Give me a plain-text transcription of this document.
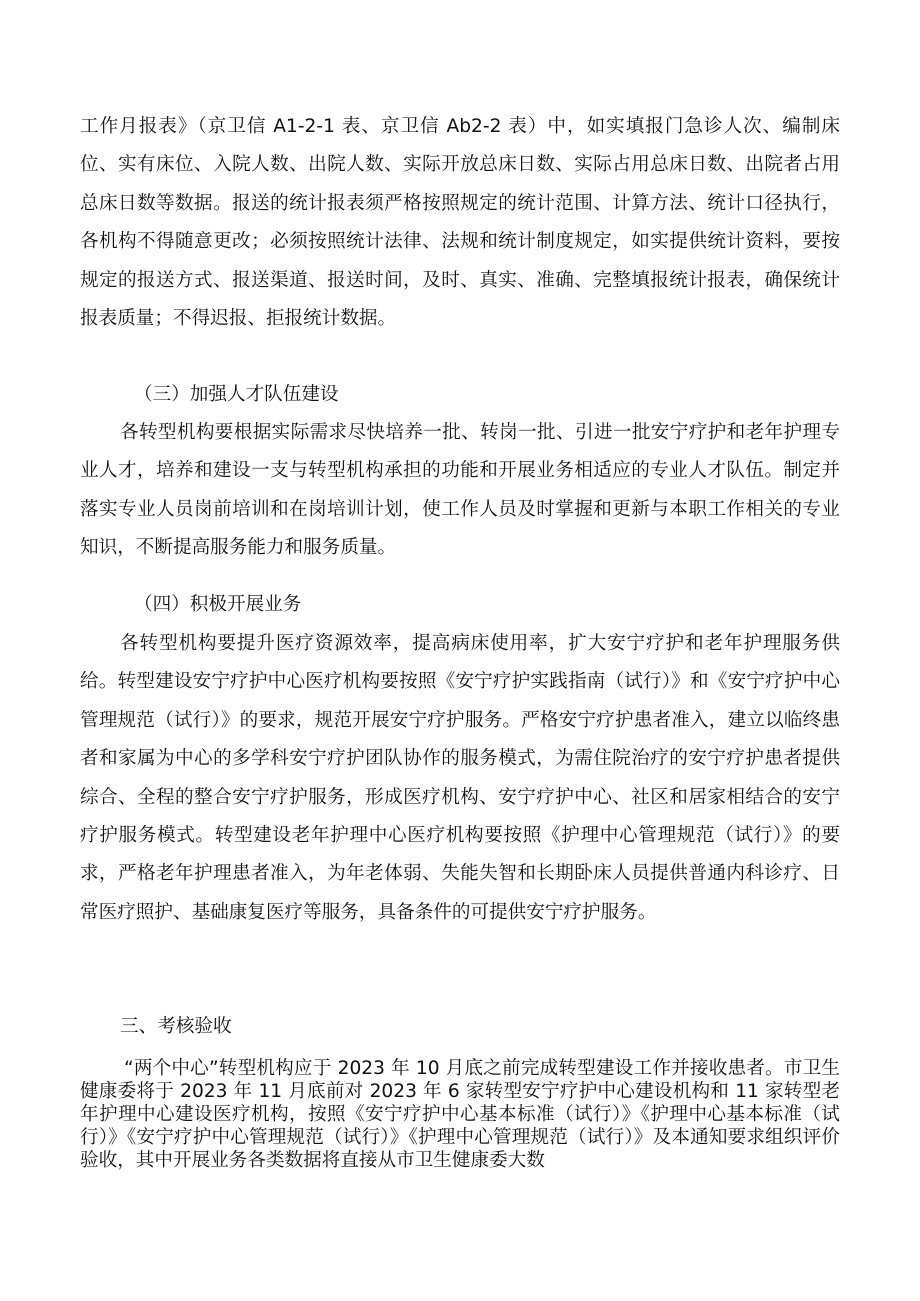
工作月报表》（京卫信 A1-2-1 表、京卫信 Ab2-2 表）中，如实填报门急诊人次、编制床位、实有床位、入院人数、出院人数、实际开放总床日数、实际占用总床日数、出院者占用总床日数等数据。报送的统计报表须严格按照规定的统计范围、计算方法、统计口径执行，各机构不得随意更改；必须按照统计法律、法规和统计制度规定，如实提供统计资料，要按规定的报送方式、报送渠道、报送时间，及时、真实、准确、完整填报统计报表，确保统计报表质量；不得迟报、拒报统计数据。

（三）加强人才队伍建设

各转型机构要根据实际需求尽快培养一批、转岗一批、引进一批安宁疗护和老年护理专业人才，培养和建设一支与转型机构承担的功能和开展业务相适应的专业人才队伍。制定并落实专业人员岗前培训和在岗培训计划，使工作人员及时掌握和更新与本职工作相关的专业知识，不断提高服务能力和服务质量。

（四）积极开展业务

各转型机构要提升医疗资源效率，提高病床使用率，扩大安宁疗护和老年护理服务供给。转型建设安宁疗护中心医疗机构要按照《安宁疗护实践指南（试行）》和《安宁疗护中心管理规范（试行）》的要求，规范开展安宁疗护服务。严格安宁疗护患者准入，建立以临终患者和家属为中心的多学科安宁疗护团队协作的服务模式，为需住院治疗的安宁疗护患者提供综合、全程的整合安宁疗护服务，形成医疗机构、安宁疗护中心、社区和居家相结合的安宁疗护服务模式。转型建设老年护理中心医疗机构要按照《护理中心管理规范（试行）》的要求，严格老年护理患者准入，为年老体弱、失能失智和长期卧床人员提供普通内科诊疗、日常医疗照护、基础康复医疗等服务，具备条件的可提供安宁疗护服务。

三、考核验收

“两个中心”转型机构应于 2023 年 10 月底之前完成转型建设工作并接收患者。市卫生健康委将于 2023 年 11 月底前对 2023 年 6 家转型安宁疗护中心建设机构和 11 家转型老年护理中心建设医疗机构，按照《安宁疗护中心基本标准（试行）》《护理中心基本标准（试行）》《安宁疗护中心管理规范（试行）》《护理中心管理规范（试行）》及本通知要求组织评价验收，其中开展业务各类数据将直接从市卫生健康委大数
